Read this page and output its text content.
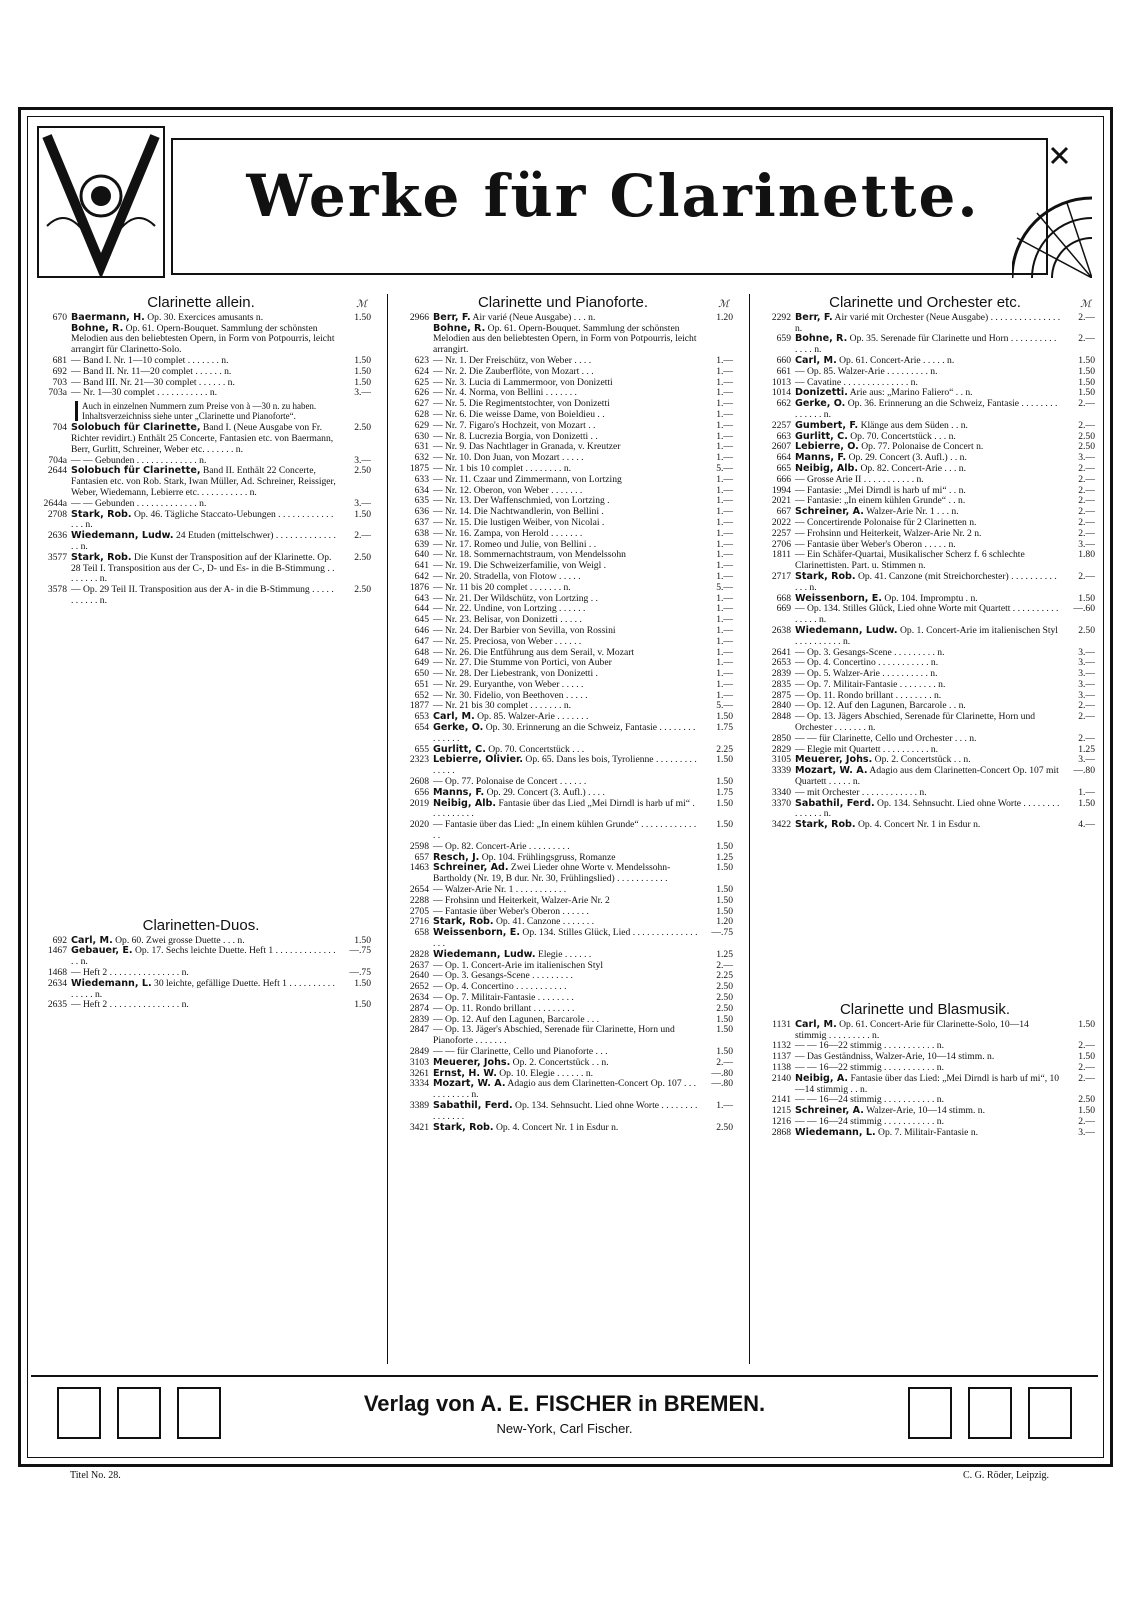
Werke für Clarinette.
Clarinette allein.	ℳ
670 Baermann, H. Op. 30. Exercices amusants n.	1.50
Bohne, R. Op. 61. Opern-Bouquet. Sammlung der schönsten Melodien aus den beliebtesten Opern, in Form von Potpourris, leicht arrangirt für Clarinetto-Solo.
681 — Band I. Nr. 1—10 complet . . . . . . . n.	1.50
692 — Band II. Nr. 11—20 complet . . . . . . n.	1.50
703 — Band III. Nr. 21—30 complet . . . . . . n.	1.50
703a — Nr. 1—30 complet . . . . . . . . . . . n.	3.—
Auch in einzelnen Nummern zum Preise von à —30 n. zu haben. Inhaltsverzeichniss siehe unter „Clarinette und Pianoforte“.
704 Solobuch für Clarinette, Band I. (Neue Ausgabe von Fr. Richter revidirt.) Enthält 25 Concerte, Fantasien etc. von Baermann, Berr, Gurlitt, Schreiner, Weber etc. . . . . . . n.
2.50
704a — — Gebunden . . . . . . . . . . . . . n.	3.—
2644 Solobuch für Clarinette, Band II. Enthält 22 Concerte, Fantasien etc. von Rob. Stark, Iwan Müller, Ad. Schreiner, Reissiger, Weber, Wiedemann, Lebierre etc. . . . . . . . . . . n.
2.50
2644a — — Gebunden . . . . . . . . . . . . . n.	3.—
2708 Stark, Rob. Op. 46. Tägliche Staccato-Uebungen . . . . . . . . . . . . . . . n.
1.50
2636 Wiedemann, Ludw. 24 Etuden (mittelschwer) . . . . . . . . . . . . . . . n.
2.—
3577 Stark, Rob. Die Kunst der Transposition auf der Klarinette. Op. 28 Teil I. Transposition aus der C-, D- und Es- in die B-Stimmung . . . . . . . . n.
2.50
3578 — Op. 29 Teil II. Transposition aus der A- in die B-Stimmung . . . . . . . . . . . n.
2.50
Clarinetten-Duos.
692 Carl, M. Op. 60. Zwei grosse Duette . . . n.	1.50
1467 Gebauer, E. Op. 17. Sechs leichte Duette. Heft 1 . . . . . . . . . . . . . . . n.
—.75
1468 — Heft 2 . . . . . . . . . . . . . . . n.	—.75
2634 Wiedemann, L. 30 leichte, gefällige Duette. Heft 1 . . . . . . . . . . . . . . . n.
1.50
2635 — Heft 2 . . . . . . . . . . . . . . . n.	1.50
Clarinette und Pianoforte.	ℳ
2966 Berr, F. Air varié (Neue Ausgabe) . . . n.	1.20
Bohne, R. Op. 61. Opern-Bouquet. Sammlung der schönsten Melodien aus den beliebtesten Opern, in Form von Potpourris, leicht arrangirt.
623 — Nr. 1. Der Freischütz, von Weber . . . .	1.—
624 — Nr. 2. Die Zauberflöte, von Mozart . . .	1.—
625 — Nr. 3. Lucia di Lammermoor, von Donizetti	1.—
626 — Nr. 4. Norma, von Bellini . . . . . . .	1.—
627 — Nr. 5. Die Regimentstochter, von Donizetti	1.—
628 — Nr. 6. Die weisse Dame, von Boieldieu . .	1.—
629 — Nr. 7. Figaro's Hochzeit, von Mozart . .	1.—
630 — Nr. 8. Lucrezia Borgia, von Donizetti . .	1.—
631 — Nr. 9. Das Nachtlager in Granada, v. Kreutzer	1.—
632 — Nr. 10. Don Juan, von Mozart . . . . .	1.—
1875 — Nr. 1 bis 10 complet . . . . . . . . n.	5.—
633 — Nr. 11. Czaar und Zimmermann, von Lortzing	1.—
634 — Nr. 12. Oberon, von Weber . . . . . . .	1.—
635 — Nr. 13. Der Waffenschmied, von Lortzing .	1.—
636 — Nr. 14. Die Nachtwandlerin, von Bellini .	1.—
637 — Nr. 15. Die lustigen Weiber, von Nicolai .	1.—
638 — Nr. 16. Zampa, von Herold . . . . . . .	1.—
639 — Nr. 17. Romeo und Julie, von Bellini . .	1.—
640 — Nr. 18. Sommernachtstraum, von Mendelssohn	1.—
641 — Nr. 19. Die Schweizerfamilie, von Weigl .	1.—
642 — Nr. 20. Stradella, von Flotow . . . . .	1.—
1876 — Nr. 11 bis 20 complet . . . . . . . n.	5.—
643 — Nr. 21. Der Wildschütz, von Lortzing . .	1.—
644 — Nr. 22. Undine, von Lortzing . . . . . .	1.—
645 — Nr. 23. Belisar, von Donizetti . . . . .	1.—
646 — Nr. 24. Der Barbier von Sevilla, von Rossini	1.—
647 — Nr. 25. Preciosa, von Weber . . . . . .	1.—
648 — Nr. 26. Die Entführung aus dem Serail, v. Mozart	1.—
649 — Nr. 27. Die Stumme von Portici, von Auber	1.—
650 — Nr. 28. Der Liebestrank, von Donizetti .	1.—
651 — Nr. 29. Euryanthe, von Weber . . . . .	1.—
652 — Nr. 30. Fidelio, von Beethoven . . . . .	1.—
1877 — Nr. 21 bis 30 complet . . . . . . . n.	5.—
653 Carl, M. Op. 85. Walzer-Arie . . . . . . .	1.50
654 Gerke, O. Op. 30. Erinnerung an die Schweiz, Fantasie . . . . . . . . . . . . . .
1.75
655 Gurlitt, C. Op. 70. Concertstück . . .	2.25
2323 Lebierre, Olivier. Op. 65. Dans les bois, Tyrolienne . . . . . . . . . . . . . .
1.50
2608 — Op. 77. Polonaise de Concert . . . . . .	1.50
656 Manns, F. Op. 29. Concert (3. Aufl.) . . . .	1.75
2019 Neibig, Alb. Fantasie über das Lied „Mei Dirndl is harb uf mi“ . . . . . . . . . .
1.50
2020 — Fantasie über das Lied: „In einem kühlen Grunde“ . . . . . . . . . . . . . .
1.50
2598 — Op. 82. Concert-Arie . . . . . . . . .	1.50
657 Resch, J. Op. 104. Frühlingsgruss, Romanze	1.25
1463 Schreiner, Ad. Zwei Lieder ohne Worte v. Mendelssohn-Bartholdy (Nr. 19, B dur. Nr. 30, Frühlingslied) . . . . . . . . . . .
1.50
2654 — Walzer-Arie Nr. 1 . . . . . . . . . . .	1.50
2288 — Frohsinn und Heiterkeit, Walzer-Arie Nr. 2	1.50
2705 — Fantasie über Weber's Oberon . . . . . .	1.50
2716 Stark, Rob. Op. 41. Canzone . . . . . . .	1.20
658 Weissenborn, E. Op. 134. Stilles Glück, Lied . . . . . . . . . . . . . . . . .
—.75
2828 Wiedemann, Ludw. Elegie . . . . . .	1.25
2637 — Op. 1. Concert-Arie im italienischen Styl	2.—
2640 — Op. 3. Gesangs-Scene . . . . . . . . .	2.25
2652 — Op. 4. Concertino . . . . . . . . . . .	2.50
2634 — Op. 7. Militair-Fantasie . . . . . . . .	2.50
2874 — Op. 11. Rondo brillant . . . . . . . . .	2.50
2839 — Op. 12. Auf den Lagunen, Barcarole . . .	1.50
2847 — Op. 13. Jäger's Abschied, Serenade für Clarinette, Horn und Pianoforte . . . . . . .
1.50
2849 — — für Clarinette, Cello und Pianoforte . . .	1.50
3103 Meuerer, Johs. Op. 2. Concertstück . . n.	2.—
3261 Ernst, H. W. Op. 10. Elegie . . . . . . n.	—.80
3334 Mozart, W. A. Adagio aus dem Clarinetten-Concert Op. 107 . . . . . . . . . . . n.
—.80
3389 Sabathil, Ferd. Op. 134. Sehnsucht. Lied ohne Worte . . . . . . . . . . . . . . .
1.—
3421 Stark, Rob. Op. 4. Concert Nr. 1 in Esdur n.	2.50
Clarinette und Orchester etc.	ℳ
2292 Berr, F. Air varié mit Orchester (Neue Ausgabe) . . . . . . . . . . . . . . . n.
2.—
659 Bohne, R. Op. 35. Serenade für Clarinette und Horn . . . . . . . . . . . . . . n.
2.—
660 Carl, M. Op. 61. Concert-Arie . . . . . n.	1.50
661 — Op. 85. Walzer-Arie . . . . . . . . . n.	1.50
1013 — Cavatine . . . . . . . . . . . . . . n.	1.50
1014 Donizetti. Arie aus: „Marino Faliero“ . . n.	1.50
662 Gerke, O. Op. 36. Erinnerung an die Schweiz, Fantasie . . . . . . . . . . . . . . n.
2.—
2257 Gumbert, F. Klänge aus dem Süden . . n.	2.—
663 Gurlitt, C. Op. 70. Concertstück . . . n.	2.50
2607 Lebierre, O. Op. 77. Polonaise de Concert n.	2.50
664 Manns, F. Op. 29. Concert (3. Aufl.) . . n.	3.—
665 Neibig, Alb. Op. 82. Concert-Arie . . . n.	2.—
666 — Grosse Arie II . . . . . . . . . . . n.	2.—
1994 — Fantasie: „Mei Dirndl is harb uf mi“ . . n.	2.—
2021 — Fantasie: „In einem kühlen Grunde“ . . n.	2.—
667 Schreiner, A. Walzer-Arie Nr. 1 . . . n.	2.—
2022 — Concertirende Polonaise für 2 Clarinetten n.	2.—
2257 — Frohsinn und Heiterkeit, Walzer-Arie Nr. 2 n.	2.—
2706 — Fantasie über Weber's Oberon . . . . . n.	3.—
1811 — Ein Schäfer-Quartai, Musikalischer Scherz f. 6 schlechte Clarinettisten. Part. u. Stimmen n.
1.80
2717 Stark, Rob. Op. 41. Canzone (mit Streichorchester) . . . . . . . . . . . . . n.
2.—
668 Weissenborn, E. Op. 104. Impromptu . n.	1.50
669 — Op. 134. Stilles Glück, Lied ohne Worte mit Quartett . . . . . . . . . . . . . . . n.
—.60
2638 Wiedemann, Ludw. Op. 1. Concert-Arie im italienischen Styl . . . . . . . . . . n.
2.50
2641 — Op. 3. Gesangs-Scene . . . . . . . . . n.	3.—
2653 — Op. 4. Concertino . . . . . . . . . . . n.	3.—
2839 — Op. 5. Walzer-Arie . . . . . . . . . . n.	3.—
2835 — Op. 7. Militair-Fantasie . . . . . . . . n.	3.—
2875 — Op. 11. Rondo brillant . . . . . . . . n.	3.—
2840 — Op. 12. Auf den Lagunen, Barcarole . . n.	2.—
2848 — Op. 13. Jägers Abschied, Serenade für Clarinette, Horn und Orchester . . . . . . . n.
2.—
2850 — — für Clarinette, Cello und Orchester . . . n.	2.—
2829 — Elegie mit Quartett . . . . . . . . . . n.	1.25
3105 Meuerer, Johs. Op. 2. Concertstück . . n.	3.—
3339 Mozart, W. A. Adagio aus dem Clarinetten-Concert Op. 107 mit Quartett . . . . . n.
—.80
3340 — mit Orchester . . . . . . . . . . . . n.	1.—
3370 Sabathil, Ferd. Op. 134. Sehnsucht. Lied ohne Worte . . . . . . . . . . . . . . n.
1.50
3422 Stark, Rob. Op. 4. Concert Nr. 1 in Esdur n.	4.—
Clarinette und Blasmusik.
1131 Carl, M. Op. 61. Concert-Arie für Clarinette-Solo, 10—14 stimmig . . . . . . . . . n.
1.50
1132 — — 16—22 stimmig . . . . . . . . . . . n.	2.—
1137 — Das Geständniss, Walzer-Arie, 10—14 stimm. n.	1.50
1138 — — 16—22 stimmig . . . . . . . . . . . n.	2.—
2140 Neibig, A. Fantasie über das Lied: „Mei Dirndl is harb uf mi“, 10—14 stimmig . . n.
2.—
2141 — — 16—24 stimmig . . . . . . . . . . . n.	2.50
1215 Schreiner, A. Walzer-Arie, 10—14 stimm. n.	1.50
1216 — — 16—24 stimmig . . . . . . . . . . . n.	2.—
2868 Wiedemann, L. Op. 7. Militair-Fantasie n.	3.—
Verlag von A. E. FISCHER in BREMEN.
New-York, Carl Fischer.
Titel No. 28.	C. G. Röder, Leipzig.
